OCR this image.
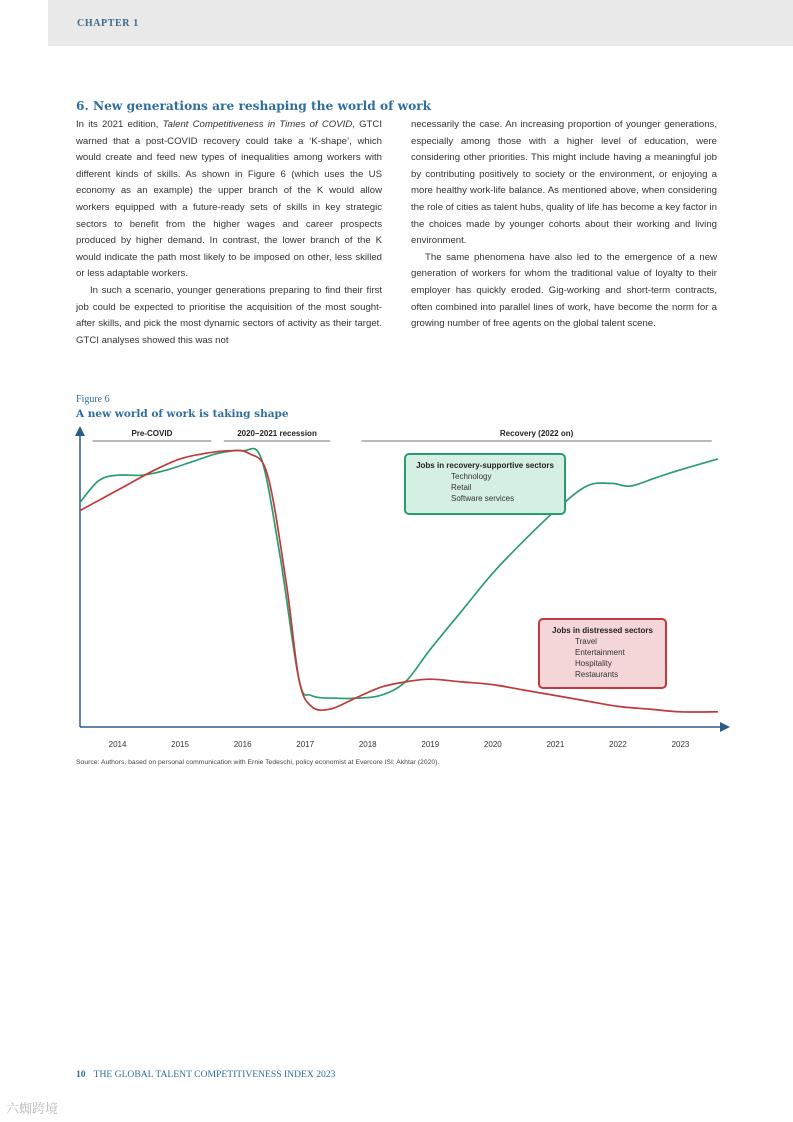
CHAPTER 1
6. New generations are reshaping the world of work

In its 2021 edition, Talent Competitiveness in Times of COVID, GTCI warned that a post-COVID recovery could take a ‘K-shape’, which would create and feed new types of inequalities among workers with different kinds of skills. As shown in Figure 6 (which uses the US economy as an example) the upper branch of the K would allow workers equipped with a future-ready sets of skills in key strategic sectors to benefit from the higher wages and career prospects produced by higher demand. In contrast, the lower branch of the K would indicate the path most likely to be imposed on other, less skilled or less adaptable workers.

In such a scenario, younger generations preparing to find their first job could be expected to prioritise the acquisition of the most sought-after skills, and pick the most dynamic sectors of activity as their target. GTCI analyses showed this was not

necessarily the case. An increasing proportion of younger generations, especially among those with a higher level of education, were considering other priorities. This might include having a meaningful job by contributing positively to society or the environment, or enjoying a more healthy work-life balance. As mentioned above, when considering the role of cities as talent hubs, quality of life has become a key factor in the choices made by younger cohorts about their working and living environment.

The same phenomena have also led to the emergence of a new generation of workers for whom the traditional value of loyalty to their employer has quickly eroded. Gig-working and short-term contracts, often combined into parallel lines of work, have become the norm for a growing number of free agents on the global talent scene.

Figure 6
A new world of work is taking shape
Pre-COVID	2020–2021 recession	Recovery (2022 on)
2014	2015	2016	2017	2018	2019	2020	2021	2022	2023
Jobs in recovery-supportive sectors
Technology
Retail
Software services
Jobs in distressed sectors
Travel
Entertainment
Hospitality
Restaurants
Source: Authors, based on personal communication with Ernie Tedeschi, policy economist at Evercore ISI; Akhtar (2020).
10 THE GLOBAL TALENT COMPETITIVENESS INDEX 2023
六蜘跨境
